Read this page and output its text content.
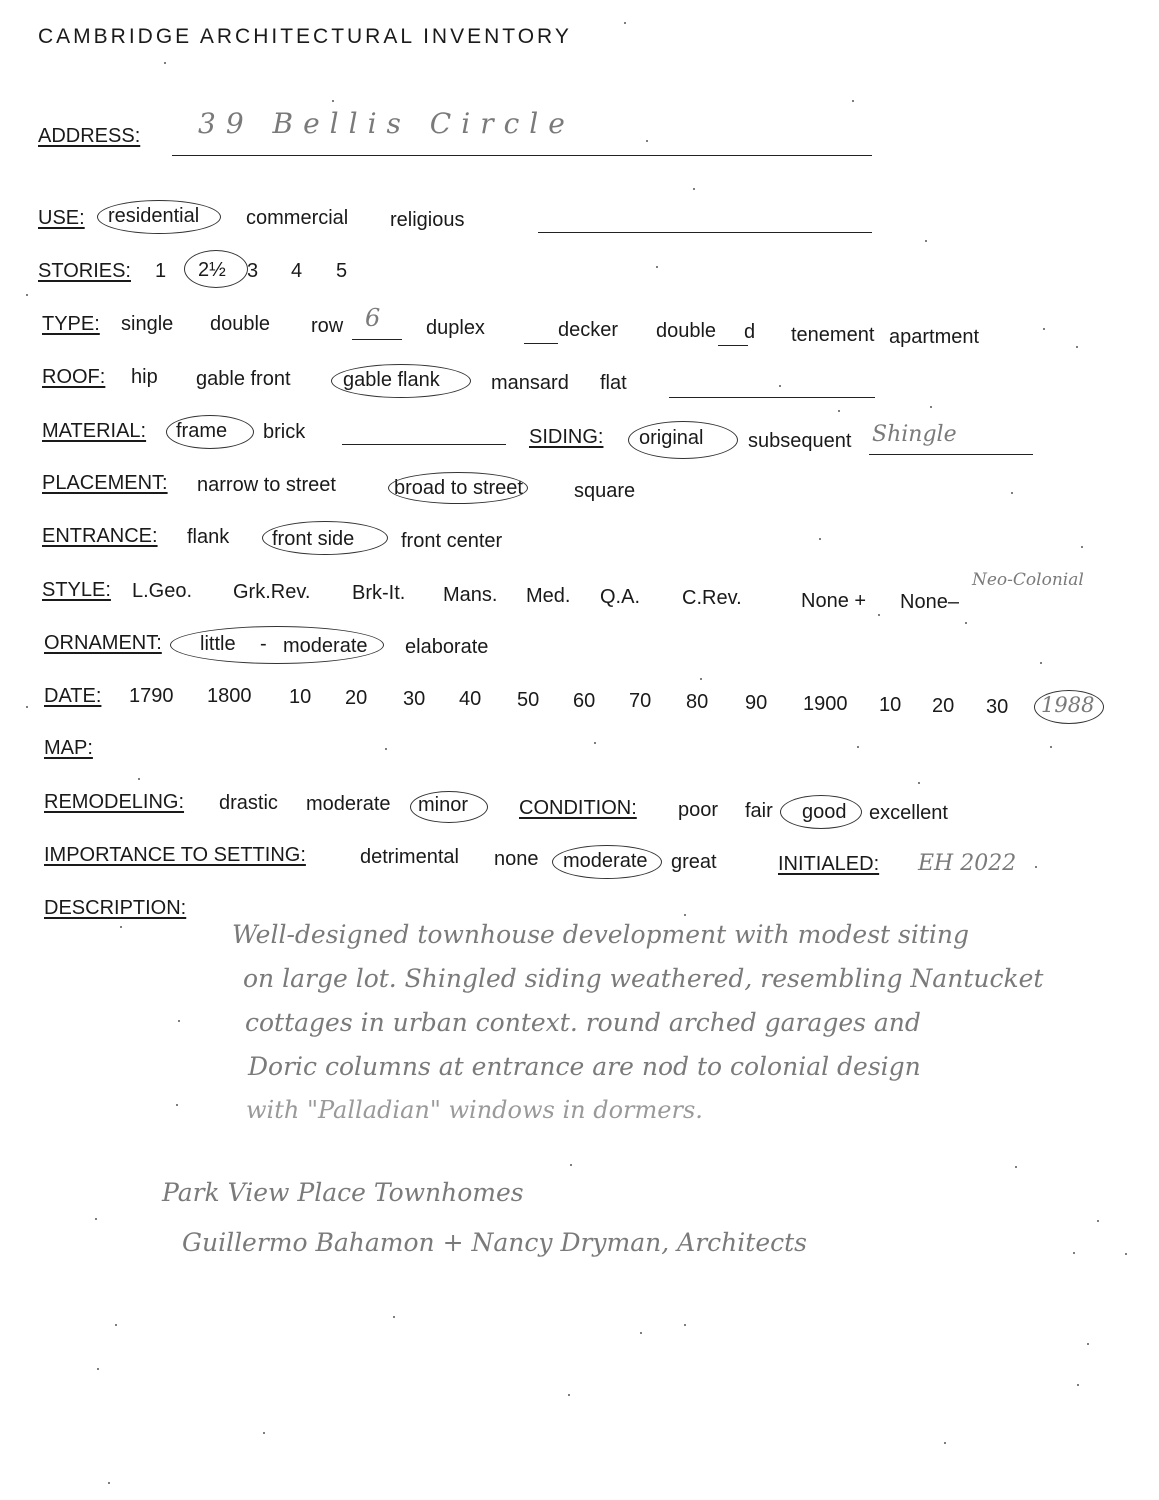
CAMBRIDGE ARCHITECTURAL INVENTORY
ADDRESS: 39 Bellis Circle
USE: residential commercial religious
STORIES: 1 2½ 3 4 5
TYPE: single double row 6 duplex	decker double d tenement apartment
ROOF: hip gable front	gable flank	mansard flat
MATERIAL: frame brick	SIDING: original subsequent Shingle
PLACEMENT: narrow to street	broad to street	square
ENTRANCE: flank front side front center
STYLE: L.Geo. Grk.Rev. Brk-It. Mans. Med. Q.A. C.Rev.	None + None–
Neo-Colonial
ORNAMENT: little - moderate elaborate
DATE: 1790 1800 10 20 30 40 50 60 70 80 90 1900 10 20 30 1988
MAP:
REMODELING: drastic moderate minor	CONDITION: poor fair good excellent
IMPORTANCE TO SETTING:	detrimental none moderate great	INITIALED: EH 2022
DESCRIPTION:
Well-designed townhouse development with modest siting
on large lot. Shingled siding weathered, resembling Nantucket
cottages in urban context. round arched garages and
Doric columns at entrance are nod to colonial design
with "Palladian" windows in dormers.
Park View Place Townhomes
Guillermo Bahamon + Nancy Dryman, Architects
